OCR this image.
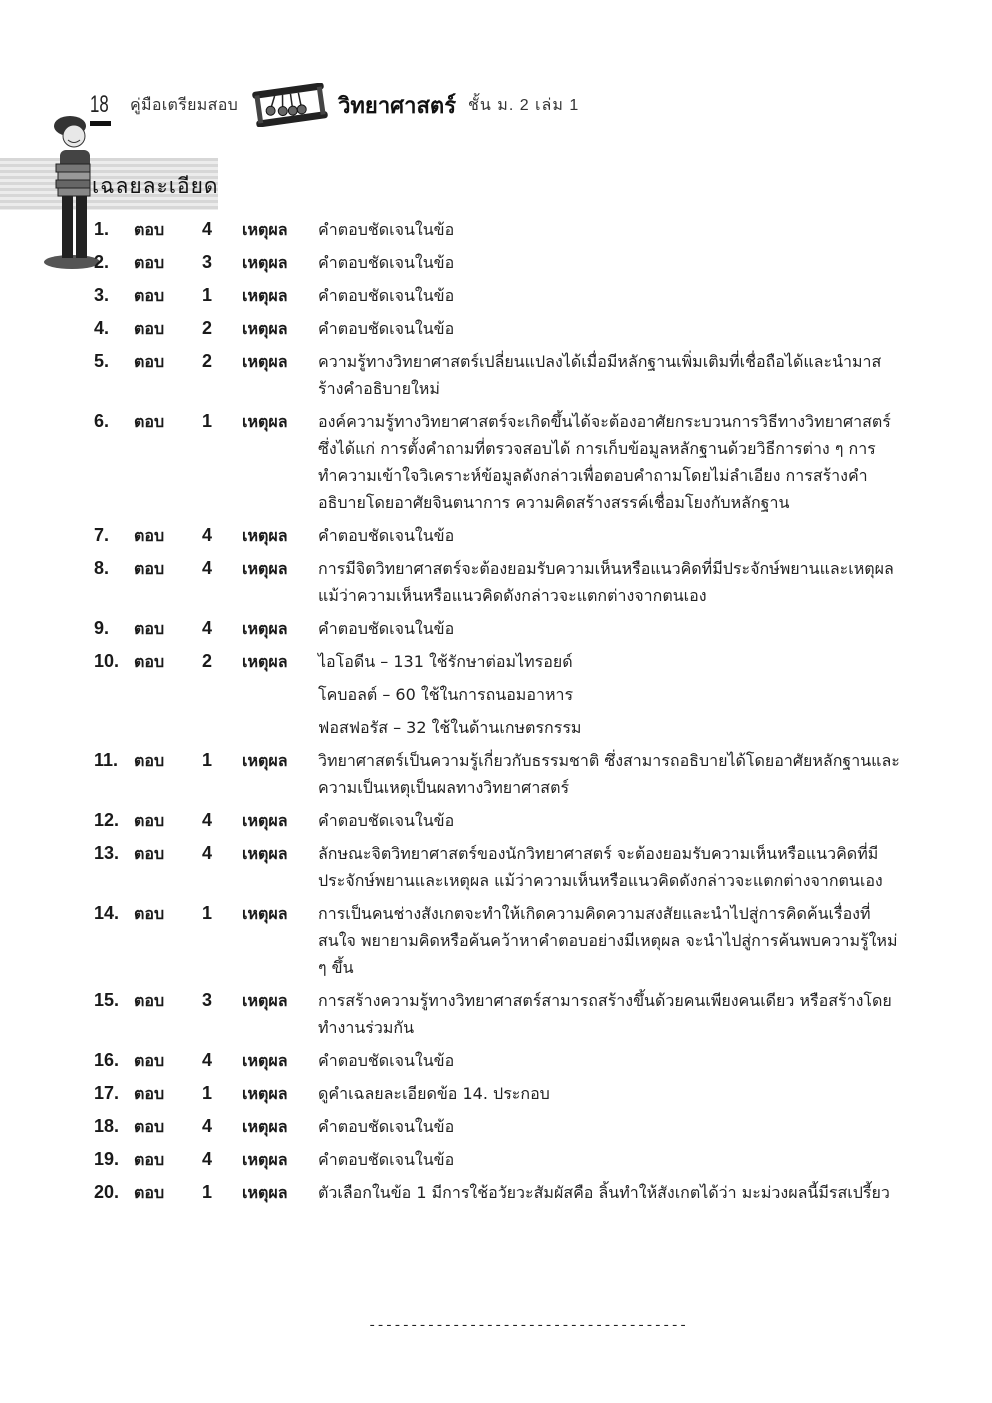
18 คู่มือเตรียมสอบ	วิทยาศาสตร์ ชั้น ม. 2 เล่ม 1
เฉลยละเอียด
1.	ตอบ	4	เหตุผล	คำตอบชัดเจนในข้อ
2.	ตอบ	3	เหตุผล	คำตอบชัดเจนในข้อ
3.	ตอบ	1	เหตุผล	คำตอบชัดเจนในข้อ
4.	ตอบ	2	เหตุผล	คำตอบชัดเจนในข้อ
5.	ตอบ	2	เหตุผล	ความรู้ทางวิทยาศาสตร์เปลี่ยนแปลงได้เมื่อมีหลักฐานเพิ่มเติมที่เชื่อถือได้และนำมาสร้างคำอธิบายใหม่
6.	ตอบ	1	เหตุผล	องค์ความรู้ทางวิทยาศาสตร์จะเกิดขึ้นได้จะต้องอาศัยกระบวนการวิธีทางวิทยาศาสตร์ ซึ่งได้แก่ การตั้งคำถามที่ตรวจสอบได้ การเก็บข้อมูลหลักฐานด้วยวิธีการต่าง ๆ การทำความเข้าใจวิเคราะห์ข้อมูลดังกล่าวเพื่อตอบคำถามโดยไม่ลำเอียง การสร้างคำอธิบายโดยอาศัยจินตนาการ ความคิดสร้างสรรค์เชื่อมโยงกับหลักฐาน
7.	ตอบ	4	เหตุผล	คำตอบชัดเจนในข้อ
8.	ตอบ	4	เหตุผล	การมีจิตวิทยาศาสตร์จะต้องยอมรับความเห็นหรือแนวคิดที่มีประจักษ์พยานและเหตุผล แม้ว่าความเห็นหรือแนวคิดดังกล่าวจะแตกต่างจากตนเอง
9.	ตอบ	4	เหตุผล	คำตอบชัดเจนในข้อ
10. ตอบ	2	เหตุผล	ไอโอดีน – 131 ใช้รักษาต่อมไทรอยด์
โคบอลต์ – 60 ใช้ในการถนอมอาหาร
ฟอสฟอรัส – 32 ใช้ในด้านเกษตรกรรม
11. ตอบ	1	เหตุผล	วิทยาศาสตร์เป็นความรู้เกี่ยวกับธรรมชาติ ซึ่งสามารถอธิบายได้โดยอาศัยหลักฐานและความเป็นเหตุเป็นผลทางวิทยาศาสตร์
12. ตอบ	4	เหตุผล	คำตอบชัดเจนในข้อ
13. ตอบ	4	เหตุผล	ลักษณะจิตวิทยาศาสตร์ของนักวิทยาศาสตร์ จะต้องยอมรับความเห็นหรือแนวคิดที่มีประจักษ์พยานและเหตุผล แม้ว่าความเห็นหรือแนวคิดดังกล่าวจะแตกต่างจากตนเอง
14. ตอบ	1	เหตุผล	การเป็นคนช่างสังเกตจะทำให้เกิดความคิดความสงสัยและนำไปสู่การคิดค้นเรื่องที่สนใจ พยายามคิดหรือค้นคว้าหาคำตอบอย่างมีเหตุผล จะนำไปสู่การค้นพบความรู้ใหม่ ๆ ขึ้น
15. ตอบ	3	เหตุผล	การสร้างความรู้ทางวิทยาศาสตร์สามารถสร้างขึ้นด้วยคนเพียงคนเดียว หรือสร้างโดยทำงานร่วมกัน
16. ตอบ	4	เหตุผล	คำตอบชัดเจนในข้อ
17. ตอบ	1	เหตุผล	ดูคำเฉลยละเอียดข้อ 14. ประกอบ
18. ตอบ	4	เหตุผล	คำตอบชัดเจนในข้อ
19. ตอบ	4	เหตุผล	คำตอบชัดเจนในข้อ
20. ตอบ	1	เหตุผล	ตัวเลือกในข้อ 1 มีการใช้อวัยวะสัมผัสคือ ลิ้นทำให้สังเกตได้ว่า มะม่วงผลนี้มีรสเปรี้ยว
--------------------------------------
